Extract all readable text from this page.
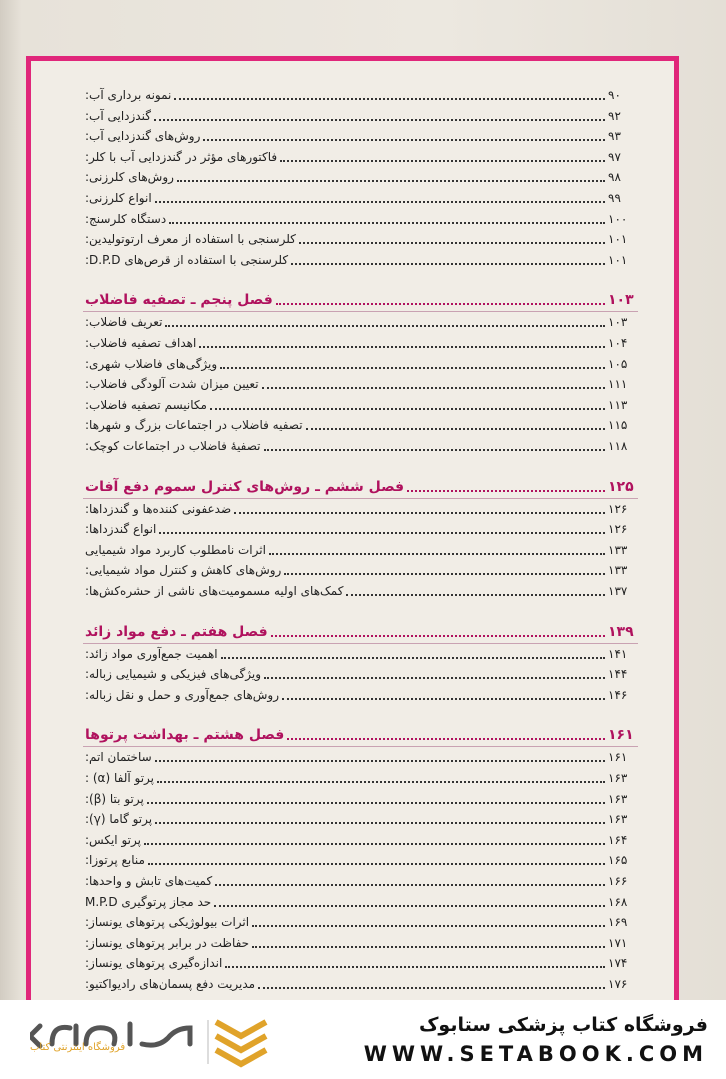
نمونه برداری آب:	۹۰
گندزدایی آب:	۹۲
روش‌های گندزدایی آب:	۹۳
فاکتورهای مؤثر در گندزدایی آب با کلر:	۹۷
روش‌های کلرزنی:	۹۸
انواع کلرزنی:	۹۹
دستگاه کلرسنج:	۱۰۰
کلرسنجی با استفاده از معرف ارتوتولیدین:	۱۰۱
کلرسنجی با استفاده از قرص‌های D.P.D:	۱۰۱
فصل پنجم ـ تصفیه فاضلاب	۱۰۳
تعریف فاضلاب:	۱۰۳
اهداف تصفیه فاضلاب:	۱۰۴
ویژگی‌های فاضلاب شهری:	۱۰۵
تعیین میزان شدت آلودگی فاضلاب:	۱۱۱
مکانیسم تصفیه فاضلاب:	۱۱۳
تصفیه فاضلاب در اجتماعات بزرگ و شهرها:	۱۱۵
تصفیهٔ فاضلاب در اجتماعات کوچک:	۱۱۸
فصل ششم ـ روش‌های کنترل سموم دفع آفات	۱۲۵
ضدعفونی کننده‌ها و گندزداها:	۱۲۶
انواع گندزداها:	۱۲۶
اثرات نامطلوب کاربرد مواد شیمیایی	۱۳۳
روش‌های کاهش و کنترل مواد شیمیایی:	۱۳۳
کمک‌های اولیه مسمومیت‌های ناشی از حشره‌کش‌ها:	۱۳۷
فصل هفتم ـ دفع مواد زائد	۱۳۹
اهمیت جمع‌آوری مواد زائد:	۱۴۱
ویژگی‌های فیزیکی و شیمیایی زباله:	۱۴۴
روش‌های جمع‌آوری و حمل و نقل زباله:	۱۴۶
فصل هشتم ـ بهداشت پرتوها	۱۶۱
ساختمان اتم:	۱۶۱
پرتو آلفا (α) :	۱۶۳
پرتو بتا (β):	۱۶۳
پرتو گاما (γ):	۱۶۳
پرتو ایکس:	۱۶۴
منابع پرتوزا:	۱۶۵
کمیت‌های تابش و واحدها:	۱۶۶
حد مجاز پرتوگیری M.P.D	۱۶۸
اثرات بیولوژیکی پرتوهای یونساز:	۱۶۹
حفاظت در برابر پرتوهای یونساز:	۱۷۱
اندازه‌گیری پرتوهای یونساز:	۱۷۴
مدیریت دفع پسمان‌های رادیواکتیو:	۱۷۶
فروشگاه اینترنتی کتاب
فروشگاه کتاب پزشکی ستابوک
WWW.SETABOOK.COM
